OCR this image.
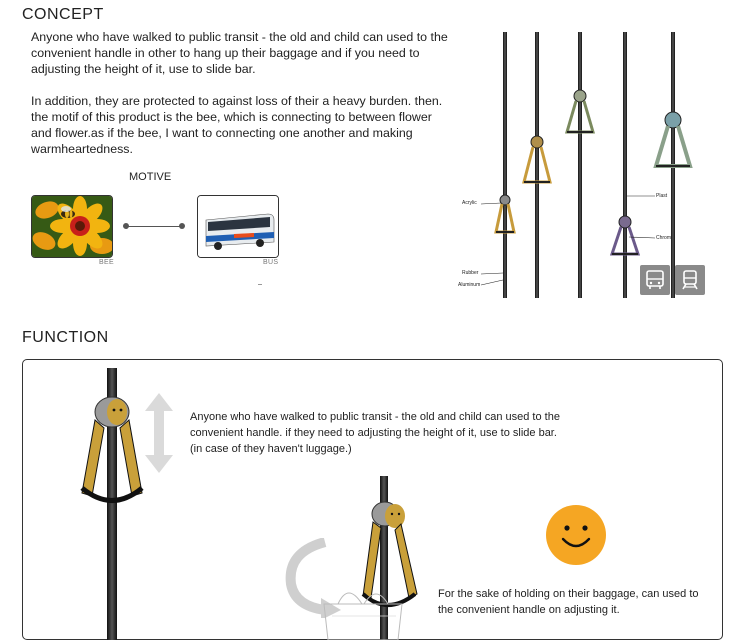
CONCEPT
Anyone who have walked to public transit - the old and child can used to the convenient handle in other to hang up their baggage and if you need to adjusting the height of it, use to slide bar.
In addition, they are protected to against loss of their a heavy burden. then. the motif of this product is the bee, which is connecting to between flower and flower.as if the bee, I want to connecting one another and making warmheartedness.
MOTIVE
BEE	BUS
Acrylic
Rubber
Aluminum
Plast
Chrom
FUNCTION
Anyone who have walked to public transit - the old and child can used to the convenient handle. if they need to adjusting the height of it, use to slide bar. (in case of they haven't luggage.)
For the sake of holding on their baggage, can used to the convenient handle on adjusting it.
